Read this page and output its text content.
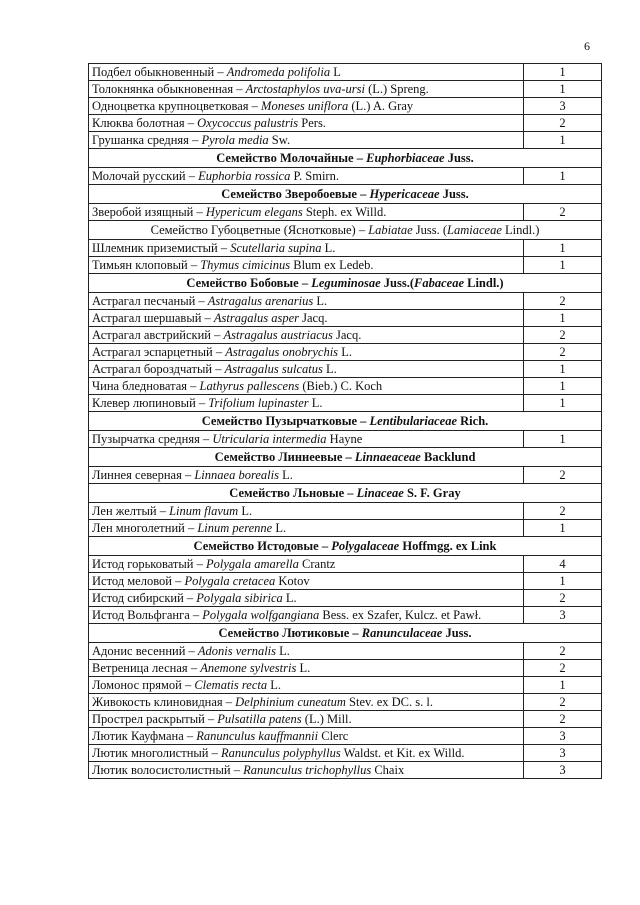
6
Подбел обыкновенный – Andromeda polifolia L	1
Толокнянка обыкновенная – Arctostaphylos uva-ursi (L.) Spreng.	1
Одноцветка крупноцветковая – Moneses uniflora (L.) A. Gray	3
Клюква болотная – Oxycoccus palustris Pers.	2
Грушанка средняя – Pyrola media Sw.	1
Семейство Молочайные – Euphorbiaceae Juss.	
Молочай русский – Euphorbia rossica P. Smirn.	1
Семейство Зверобоевые – Hypericaceae Juss.	
Зверобой изящный – Hypericum elegans Steph. ex Willd.	2
Семейство Губоцветные (Яснотковые) – Labiatae Juss. (Lamiaceae Lindl.)	
Шлемник приземистый – Scutellaria supina L.	1
Тимьян клоповый – Thymus cimicinus Blum ex Ledeb.	1
Семейство Бобовые – Leguminosae Juss.(Fabaceae Lindl.)	
Астрагал песчаный – Astragalus arenarius L.	2
Астрагал шершавый – Astragalus asper Jacq.	1
Астрагал австрийский – Astragalus austriacus Jacq.	2
Астрагал эспарцетный – Astragalus onobrychis L.	2
Астрагал бороздчатый – Astragalus sulcatus L.	1
Чина бледноватая – Lathyrus pallescens (Bieb.) C. Koch	1
Клевер люпиновый – Trifolium lupinaster L.	1
Семейство Пузырчатковые – Lentibulariaceae Rich.	
Пузырчатка средняя – Utricularia intermedia Hayne	1
Семейство Линнеевые – Linnaeaceae Backlund	
Линнея северная – Linnaea borealis L.	2
Семейство Льновые – Linaceae S. F. Gray	
Лен желтый – Linum flavum L.	2
Лен многолетний – Linum perenne L.	1
Семейство Истодовые – Polygalaceae Hoffmgg. ex Link	
Истод горьковатый – Polygala amarella Crantz	4
Истод меловой – Polygala cretacea Kotov	1
Истод сибирский – Polygala sibirica L.	2
Истод Вольфганга – Polygala wolfgangiana Bess. ex Szafer, Kulcz. et Pawł.	3
Семейство Лютиковые – Ranunculaceae Juss.	
Адонис весенний – Adonis vernalis L.	2
Ветреница лесная – Anemone sylvestris L.	2
Ломонос прямой – Clematis recta L.	1
Живокость клиновидная – Delphinium cuneatum Stev. ex DC. s. l.	2
Прострел раскрытый – Pulsatilla patens (L.) Mill.	2
Лютик Кауфмана – Ranunculus kauffmannii Clerc	3
Лютик многолистный – Ranunculus polyphyllus Waldst. et Kit. ex Willd.	3
Лютик волосистолистный – Ranunculus trichophyllus Chaix	3
